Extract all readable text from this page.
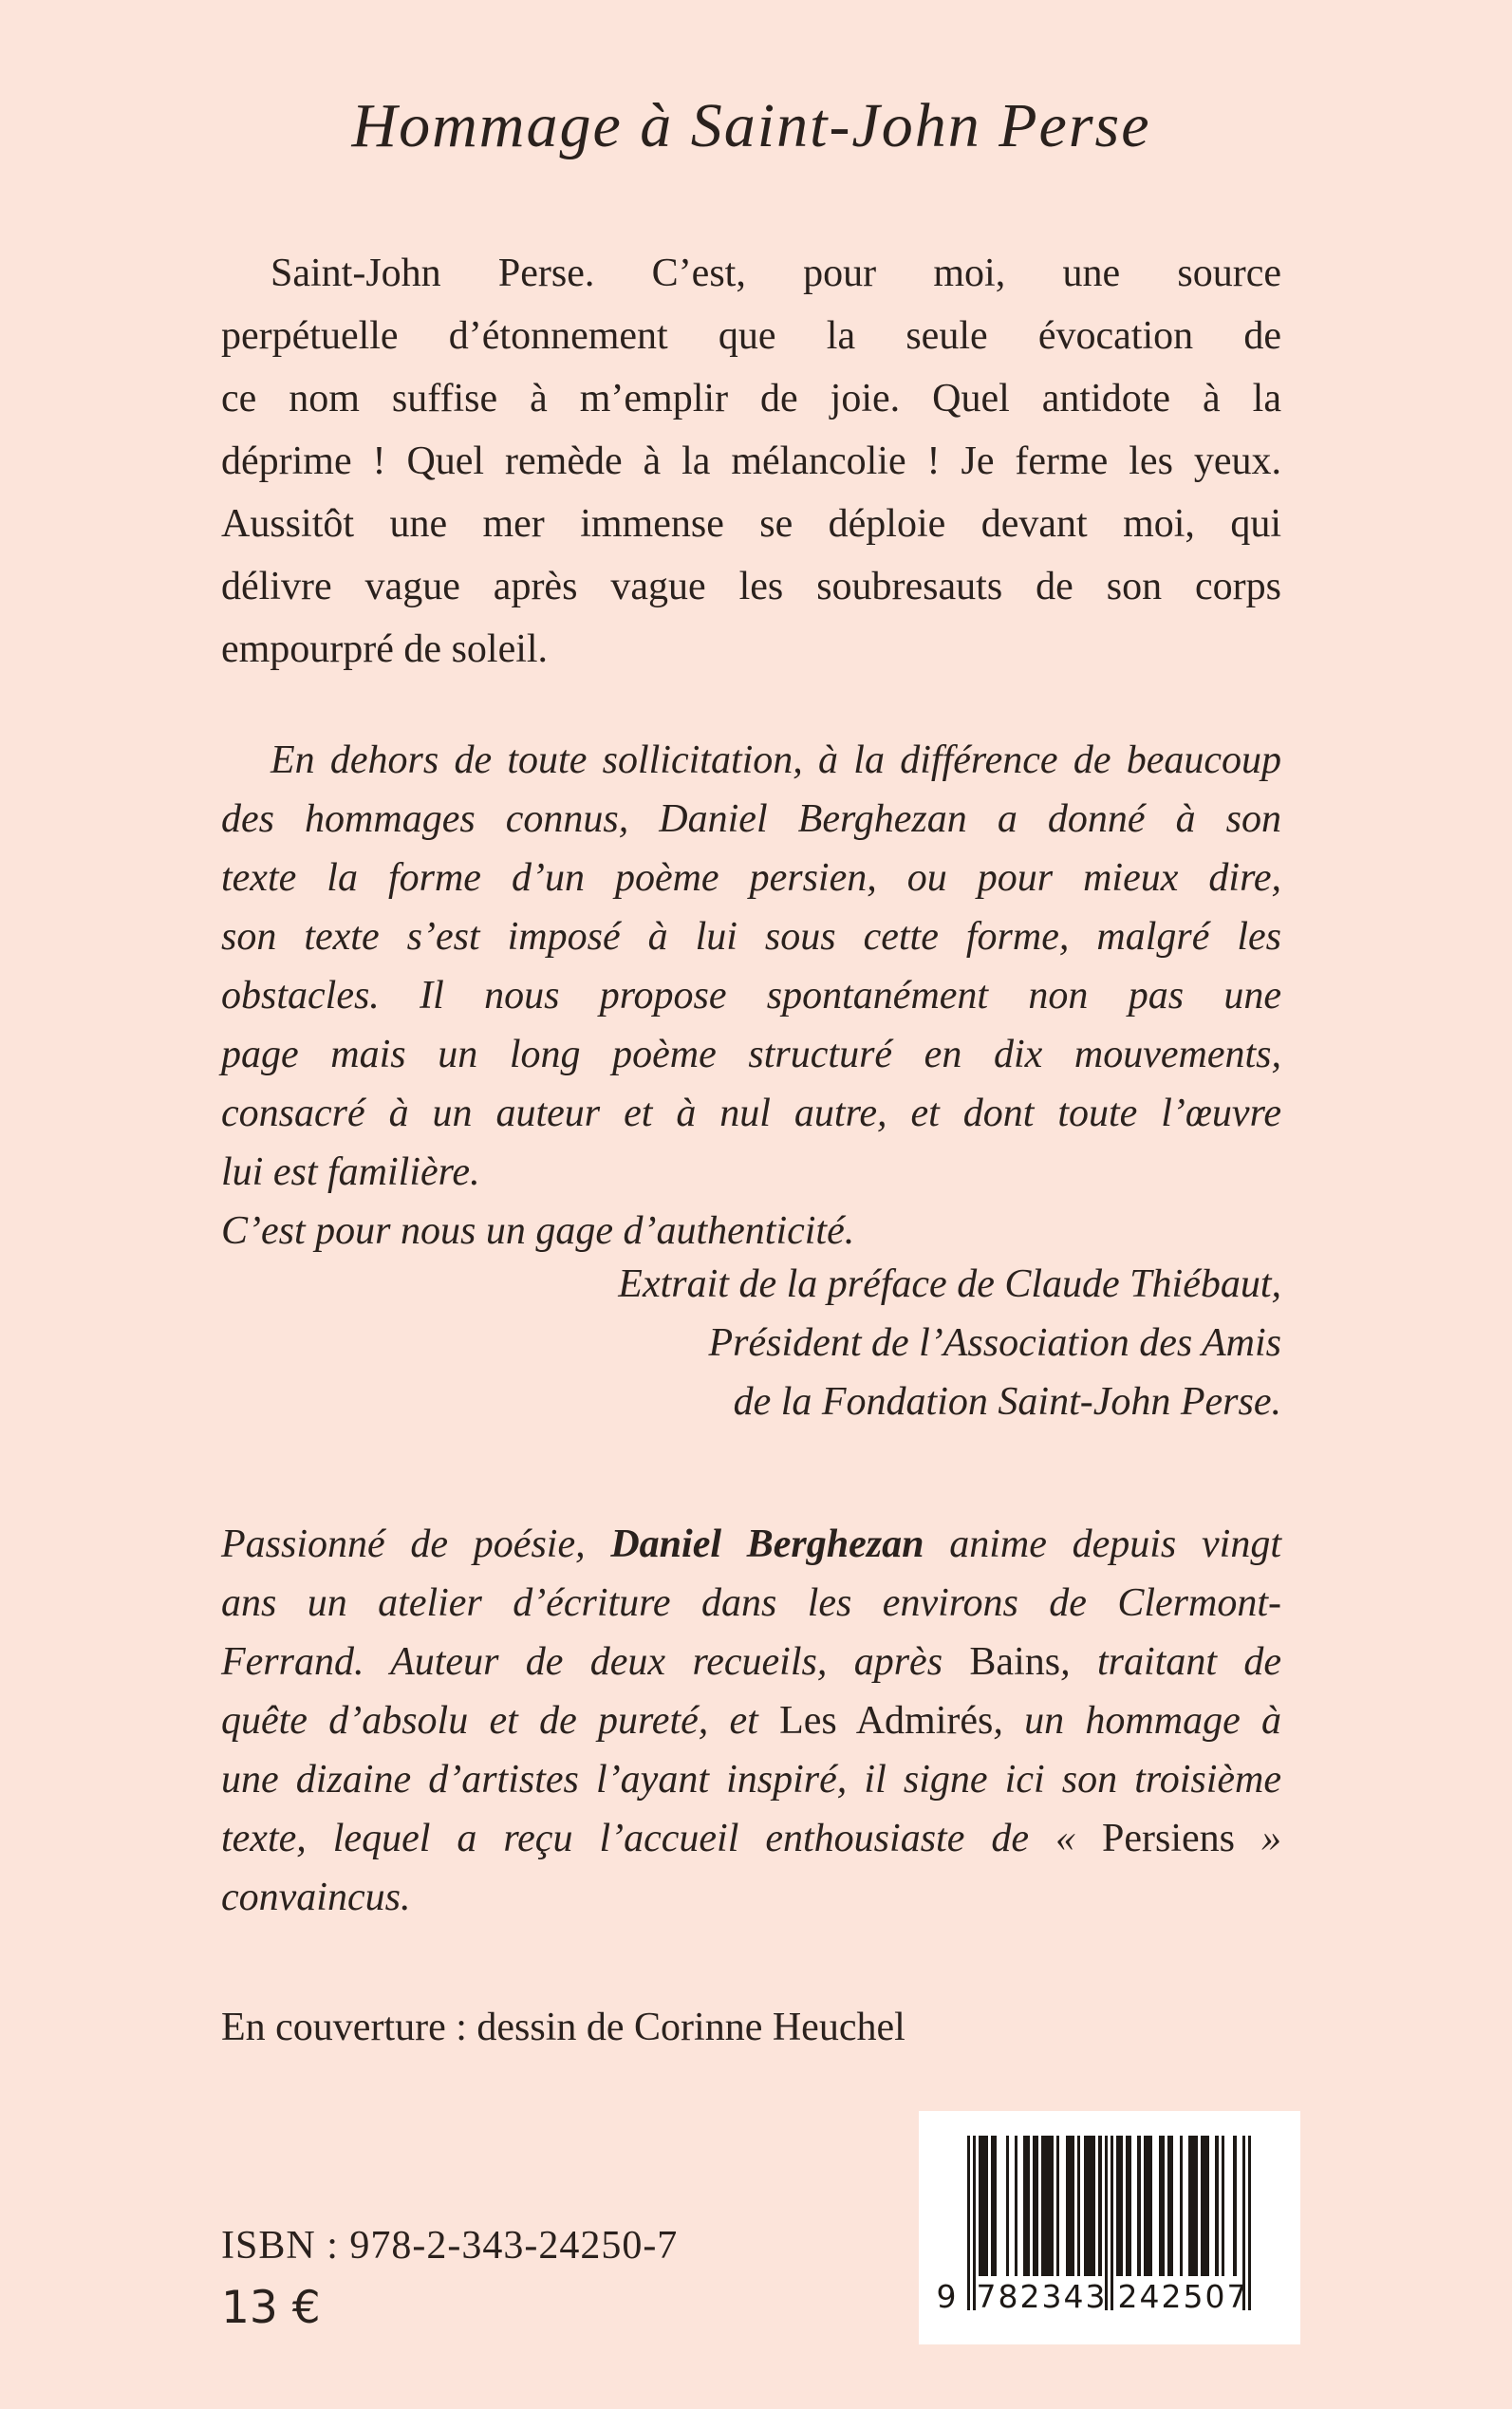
Hommage à Saint-John Perse
Saint-John Perse. C’est, pour moi, une source
perpétuelle d’étonnement que la seule évocation de
ce nom suffise à m’emplir de joie. Quel antidote à la
déprime ! Quel remède à la mélancolie ! Je ferme les yeux.
Aussitôt une mer immense se déploie devant moi, qui
délivre vague après vague les soubresauts de son corps
empourpré de soleil.
En dehors de toute sollicitation, à la différence de beaucoup
des hommages connus, Daniel Berghezan a donné à son
texte la forme d’un poème persien, ou pour mieux dire,
son texte s’est imposé à lui sous cette forme, malgré les
obstacles. Il nous propose spontanément non pas une
page mais un long poème structuré en dix mouvements,
consacré à un auteur et à nul autre, et dont toute l’œuvre
lui est familière.
C’est pour nous un gage d’authenticité.
Extrait de la préface de Claude Thiébaut,
Président de l’Association des Amis
de la Fondation Saint-John Perse.
Passionné de poésie, Daniel Berghezan anime depuis vingt
ans un atelier d’écriture dans les environs de Clermont-
Ferrand. Auteur de deux recueils, après Bains, traitant de
quête d’absolu et de pureté, et Les Admirés, un hommage à
une dizaine d’artistes l’ayant inspiré, il signe ici son troisième
texte, lequel a reçu l’accueil enthousiaste de « Persiens »
convaincus.
En couverture : dessin de Corinne Heuchel
9 782343 242507
ISBN : 978-2-343-24250-7
13 €
